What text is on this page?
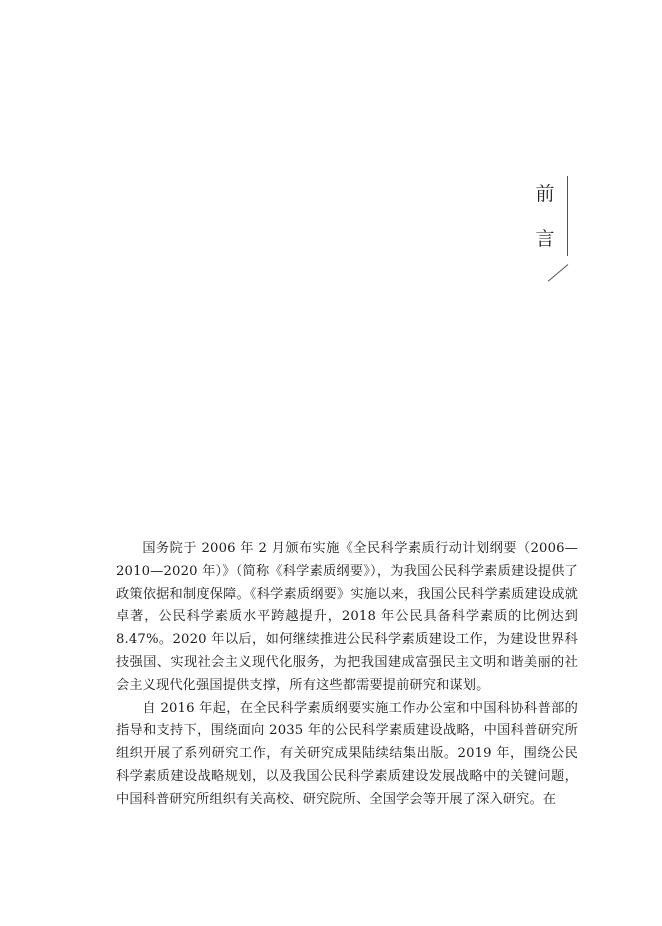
前
言

国务院于 2006 年 2 月颁布实施《全民科学素质行动计划纲要（2006—2010—2020 年）》（简称《科学素质纲要》），为我国公民科学素质建设提供了政策依据和制度保障。《科学素质纲要》实施以来，我国公民科学素质建设成就卓著，公民科学素质水平跨越提升，2018 年公民具备科学素质的比例达到 8.47%。2020 年以后，如何继续推进公民科学素质建设工作，为建设世界科技强国、实现社会主义现代化服务，为把我国建成富强民主文明和谐美丽的社会主义现代化强国提供支撑，所有这些都需要提前研究和谋划。

自 2016 年起，在全民科学素质纲要实施工作办公室和中国科协科普部的指导和支持下，围绕面向 2035 年的公民科学素质建设战略，中国科普研究所组织开展了系列研究工作，有关研究成果陆续结集出版。2019 年，围绕公民科学素质建设战略规划，以及我国公民科学素质建设发展战略中的关键问题，中国科普研究所组织有关高校、研究院所、全国学会等开展了深入研究。在
